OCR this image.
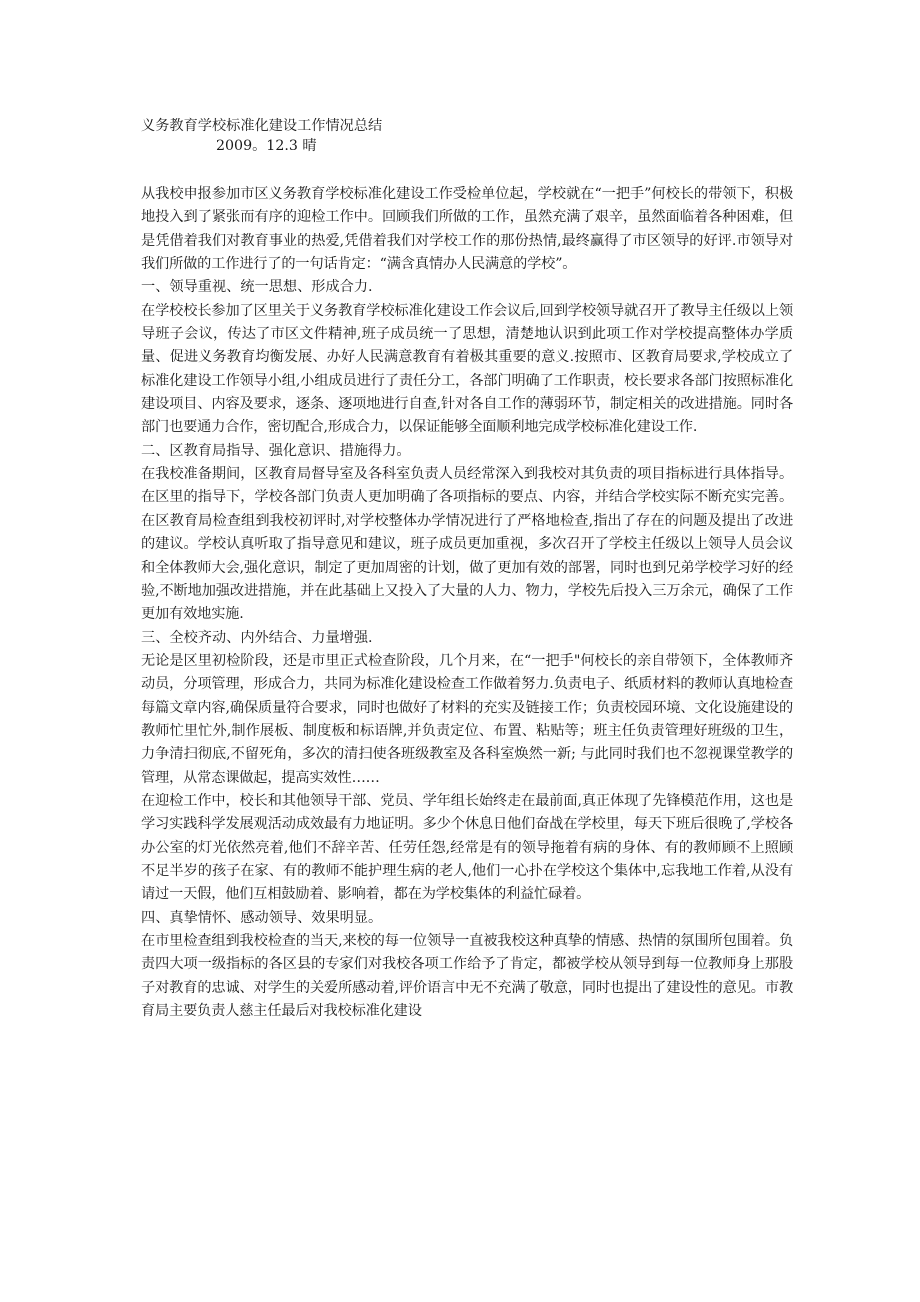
义务教育学校标准化建设工作情况总结

2009。12.3 晴

从我校申报参加市区义务教育学校标准化建设工作受检单位起，学校就在“一把手”何校长的带领下，积极地投入到了紧张而有序的迎检工作中。回顾我们所做的工作，虽然充满了艰辛，虽然面临着各种困难，但是凭借着我们对教育事业的热爱,凭借着我们对学校工作的那份热情,最终赢得了市区领导的好评.市领导对我们所做的工作进行了的一句话肯定：“满含真情办人民满意的学校”。

一、领导重视、统一思想、形成合力.

在学校校长参加了区里关于义务教育学校标准化建设工作会议后,回到学校领导就召开了教导主任级以上领导班子会议，传达了市区文件精神,班子成员统一了思想，清楚地认识到此项工作对学校提高整体办学质量、促进义务教育均衡发展、办好人民满意教育有着极其重要的意义.按照市、区教育局要求,学校成立了标准化建设工作领导小组,小组成员进行了责任分工，各部门明确了工作职责，校长要求各部门按照标准化建设项目、内容及要求，逐条、逐项地进行自查,针对各自工作的薄弱环节，制定相关的改进措施。同时各部门也要通力合作，密切配合,形成合力，以保证能够全面顺利地完成学校标准化建设工作.

二、区教育局指导、强化意识、措施得力。

在我校准备期间，区教育局督导室及各科室负责人员经常深入到我校对其负责的项目指标进行具体指导。在区里的指导下，学校各部门负责人更加明确了各项指标的要点、内容，并结合学校实际不断充实完善。在区教育局检查组到我校初评时,对学校整体办学情况进行了严格地检查,指出了存在的问题及提出了改进的建议。学校认真听取了指导意见和建议，班子成员更加重视，多次召开了学校主任级以上领导人员会议和全体教师大会,强化意识，制定了更加周密的计划，做了更加有效的部署，同时也到兄弟学校学习好的经验,不断地加强改进措施，并在此基础上又投入了大量的人力、物力，学校先后投入三万余元，确保了工作更加有效地实施.

三、全校齐动、内外结合、力量增强.

无论是区里初检阶段，还是市里正式检查阶段，几个月来，在“一把手"何校长的亲自带领下，全体教师齐动员，分项管理，形成合力，共同为标准化建设检查工作做着努力.负责电子、纸质材料的教师认真地检查每篇文章内容,确保质量符合要求，同时也做好了材料的充实及链接工作；负责校园环境、文化设施建设的教师忙里忙外,制作展板、制度板和标语牌,并负责定位、布置、粘贴等；班主任负责管理好班级的卫生，力争清扫彻底,不留死角，多次的清扫使各班级教室及各科室焕然一新; 与此同时我们也不忽视课堂教学的管理，从常态课做起，提高实效性……

在迎检工作中，校长和其他领导干部、党员、学年组长始终走在最前面,真正体现了先锋模范作用，这也是学习实践科学发展观活动成效最有力地证明。多少个休息日他们奋战在学校里，每天下班后很晚了,学校各办公室的灯光依然亮着,他们不辞辛苦、任劳任怨,经常是有的领导拖着有病的身体、有的教师顾不上照顾不足半岁的孩子在家、有的教师不能护理生病的老人,他们一心扑在学校这个集体中,忘我地工作着,从没有请过一天假，他们互相鼓励着、影响着，都在为学校集体的利益忙碌着。

四、真挚情怀、感动领导、效果明显。

在市里检查组到我校检查的当天,来校的每一位领导一直被我校这种真挚的情感、热情的氛围所包围着。负责四大项一级指标的各区县的专家们对我校各项工作给予了肯定，都被学校从领导到每一位教师身上那股子对教育的忠诚、对学生的关爱所感动着,评价语言中无不充满了敬意，同时也提出了建设性的意见。市教育局主要负责人慈主任最后对我校标准化建设
